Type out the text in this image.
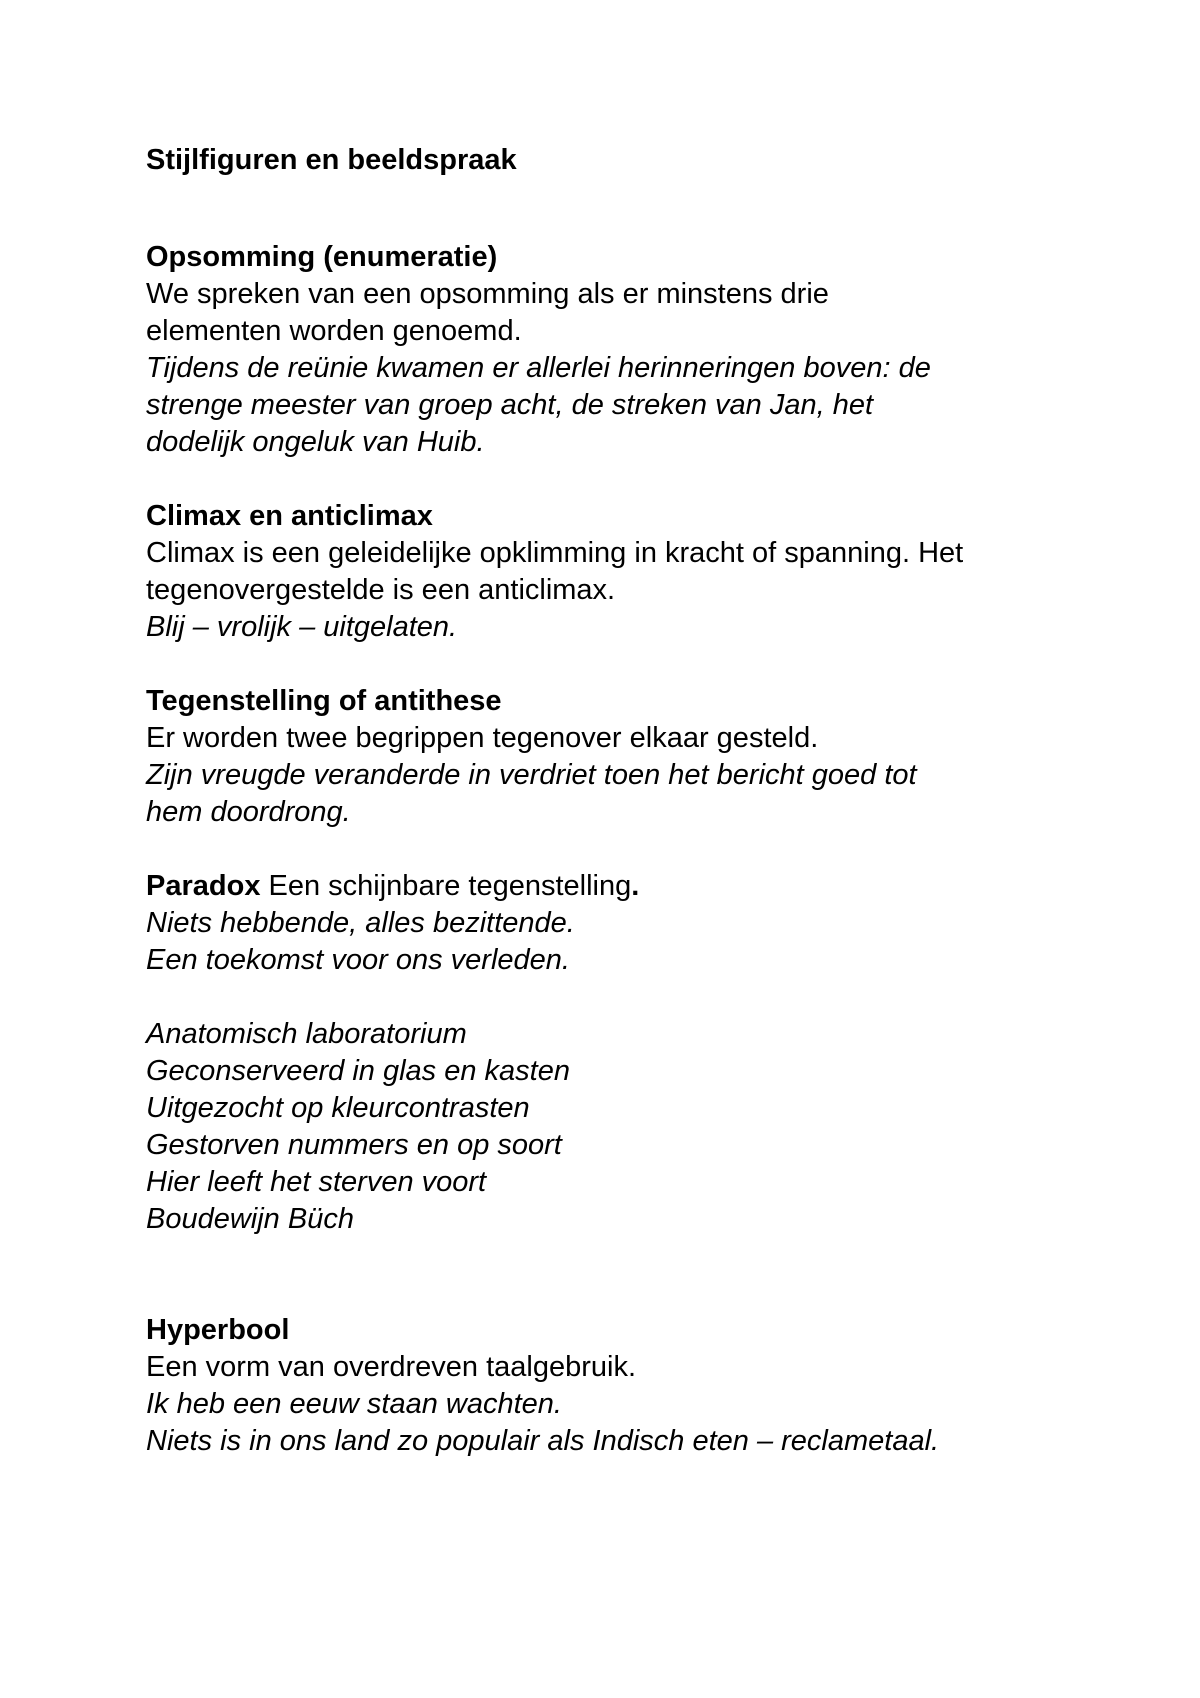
Stijlfiguren en beeldspraak
Opsomming (enumeratie)
We spreken van een opsomming als er minstens drie
elementen worden genoemd.
Tijdens de reünie kwamen er allerlei herinneringen boven: de
strenge meester van groep acht, de streken van Jan, het
dodelijk ongeluk van Huib.
Climax en anticlimax
Climax is een geleidelijke opklimming in kracht of spanning. Het
tegenovergestelde is een anticlimax.
Blij – vrolijk – uitgelaten.
Tegenstelling of antithese
Er worden twee begrippen tegenover elkaar gesteld.
Zijn vreugde veranderde in verdriet toen het bericht goed tot
hem doordrong.
Paradox Een schijnbare tegenstelling.
Niets hebbende, alles bezittende.
Een toekomst voor ons verleden.
Anatomisch laboratorium
Geconserveerd in glas en kasten
Uitgezocht op kleurcontrasten
Gestorven nummers en op soort
Hier leeft het sterven voort
Boudewijn Büch
Hyperbool
Een vorm van overdreven taalgebruik.
Ik heb een eeuw staan wachten.
Niets is in ons land zo populair als Indisch eten – reclametaal.
